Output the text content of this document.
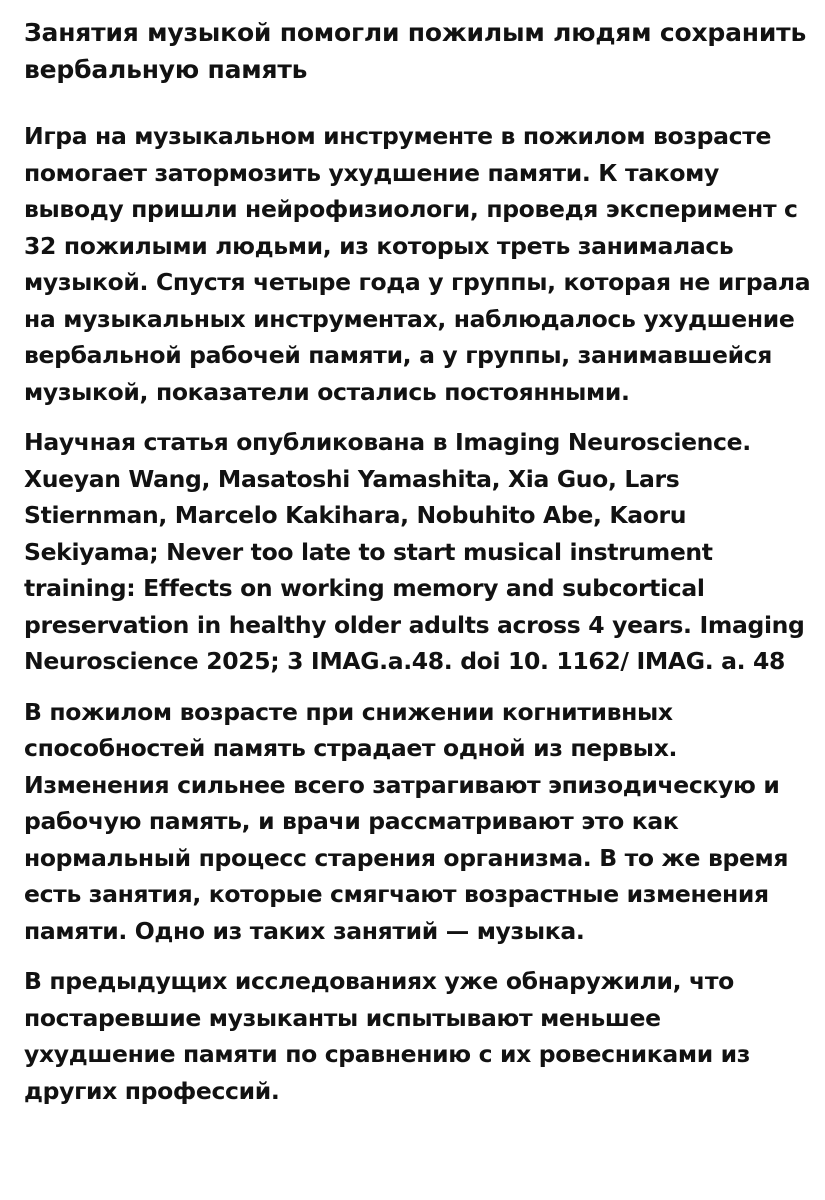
Занятия музыкой помогли пожилым людям сохранить вербальную память

Игра на музыкальном инструменте в пожилом возрасте помогает затормозить ухудшение памяти. К такому выводу пришли нейрофизиологи, проведя эксперимент с 32 пожилыми людьми, из которых треть занималась музыкой. Спустя четыре года у группы, которая не играла на музыкальных инструментах, наблюдалось ухудшение вербальной рабочей памяти, а у группы, занимавшейся музыкой, показатели остались постоянными.

Научная статья опубликована в Imaging Neuroscience. Xueyan Wang, Masatoshi Yamashita, Xia Guo, Lars Stiernman, Marcelo Kakihara, Nobuhito Abe, Kaoru Sekiyama; Never too late to start musical instrument training: Effects on working memory and subcortical preservation in healthy older adults across 4 years. Imaging Neuroscience 2025; 3 IMAG.a.48. doi 10. 1162/ IMAG. a. 48

В пожилом возрасте при снижении когнитивных способностей память страдает одной из первых. Изменения сильнее всего затрагивают эпизодическую и рабочую память, и врачи рассматривают это как нормальный процесс старения организма. В то же время есть занятия, которые смягчают возрастные изменения памяти. Одно из таких занятий — музыка.

В предыдущих исследованиях уже обнаружили, что постаревшие музыканты испытывают меньшее ухудшение памяти по сравнению с их ровесниками из других профессий.
